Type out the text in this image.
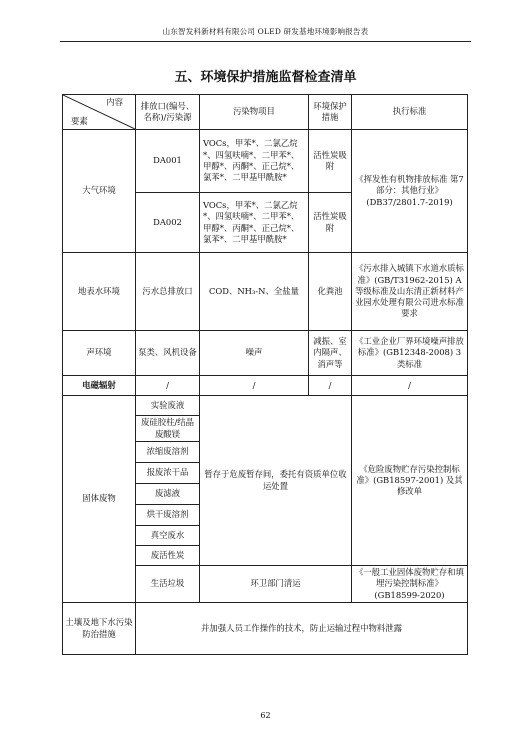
山东智发科新材料有限公司 OLED 研发基地环境影响报告表
五、环境保护措施监督检查清单
内容
要素	排放口(编号、名称)/污染源	污染物项目	环境保护措施	执行标准
大气环境	DA001	VOCs，甲苯*、二氯乙烷*、四氢呋喃*、二甲苯*、甲醇*、丙酮*、正己烷*、氯苯*、二甲基甲酰胺*	活性炭吸附	《挥发性有机物排放标准 第7部分：其他行业》(DB37/2801.7-2019)
	DA002	VOCs，甲苯*、二氯乙烷*、四氢呋喃*、二甲苯*、甲醇*、丙酮*、正己烷*、氯苯*、二甲基甲酰胺*	活性炭吸附	
地表水环境	污水总排放口	COD、NH₃-N、全盐量	化粪池	《污水排入城镇下水道水质标准》(GB/T31962-2015) A等级标准及山东清正新材料产业园水处理有限公司进水标准要求
声环境	泵类、风机设备	噪声	减振、室内隔声、消声等	《工业企业厂界环境噪声排放标准》(GB12348-2008) 3类标准
电磁辐射	/	/	/	/
固体废物	实验废液	暂存于危废暂存间，委托有资质单位收运处置		《危险废物贮存污染控制标准》(GB18597-2001) 及其修改单
	废硅胶柱/结晶废酸镁			
	浓缩废溶剂			
	报废浓干品			
	废滤液			
	烘干废溶剂			
	真空废水			
	废活性炭			
	生活垃圾	环卫部门清运		《一般工业固体废物贮存和填埋污染控制标准》(GB18599-2020)
土壤及地下水污染防治措施	并加强人员工作操作的技术，防止运输过程中物料泄露			
62
